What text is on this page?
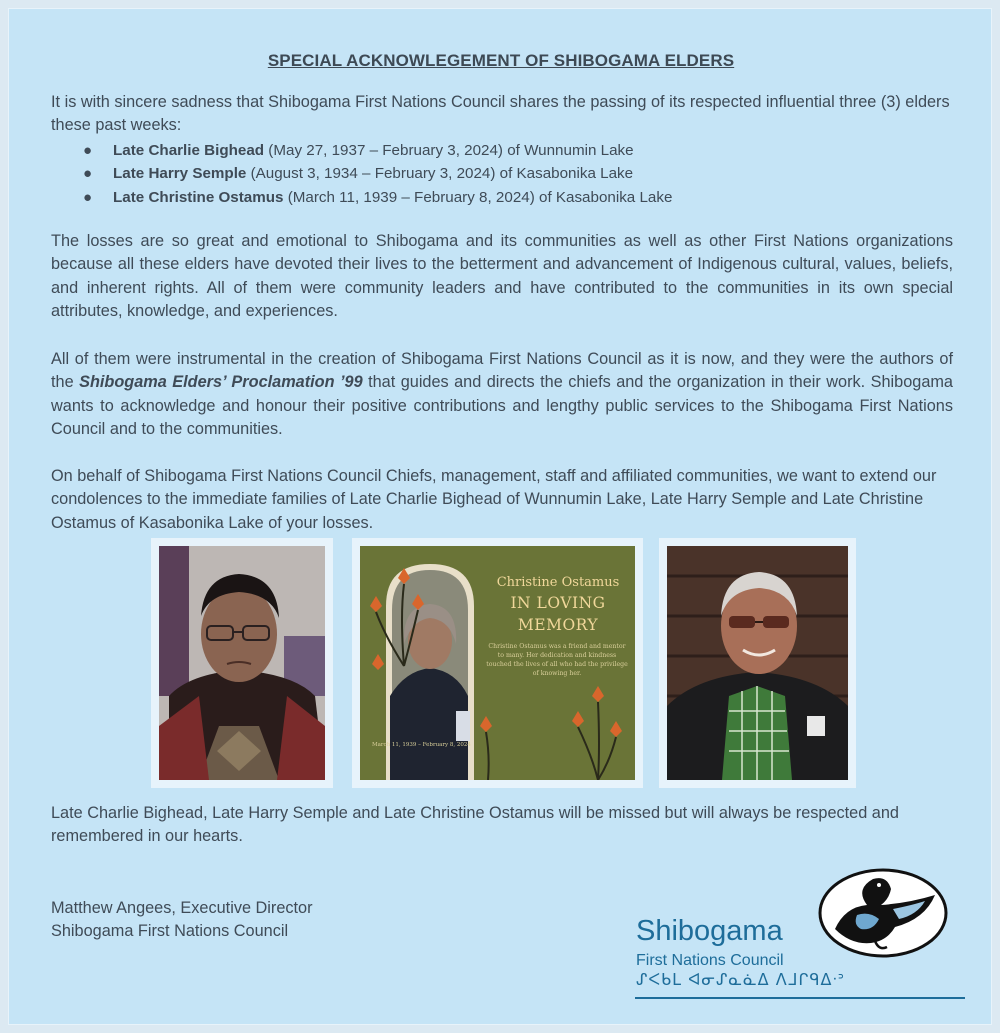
SPECIAL ACKNOWLEGEMENT OF SHIBOGAMA ELDERS
It is with sincere sadness that Shibogama First Nations Council shares the passing of its respected influential three (3) elders these past weeks:
● Late Charlie Bighead (May 27, 1937 – February 3, 2024) of Wunnumin Lake
● Late Harry Semple (August 3, 1934 – February 3, 2024) of Kasabonika Lake
● Late Christine Ostamus (March 11, 1939 – February 8, 2024) of Kasabonika Lake
The losses are so great and emotional to Shibogama and its communities as well as other First Nations organizations because all these elders have devoted their lives to the betterment and advancement of Indigenous cultural, values, beliefs, and inherent rights. All of them were community leaders and have contributed to the communities in its own special attributes, knowledge, and experiences.
All of them were instrumental in the creation of Shibogama First Nations Council as it is now, and they were the authors of the Shibogama Elders’ Proclamation ’99 that guides and directs the chiefs and the organization in their work. Shibogama wants to acknowledge and honour their positive contributions and lengthy public services to the Shibogama First Nations Council and to the communities.
On behalf of Shibogama First Nations Council Chiefs, management, staff and affiliated communities, we want to extend our condolences to the immediate families of Late Charlie Bighead of Wunnumin Lake, Late Harry Semple and Late Christine Ostamus of Kasabonika Lake of your losses.
Christine Ostamus
IN LOVING
MEMORY
Christine Ostamus was a friend and mentor to many. Her dedication and kindness touched the lives of all who had the privilege of knowing her.
March 11, 1939 – February 8, 2024
Late Charlie Bighead, Late Harry Semple and Late Christine Ostamus will be missed but will always be respected and remembered in our hearts.
Matthew Angees, Executive Director
Shibogama First Nations Council	Shibogama
First Nations Council
ᔑᐸᑲᒪ ᐊᓂᔑᓇᓈᐃ ᐱᒧᒋᑫᐃᐧᐣ
